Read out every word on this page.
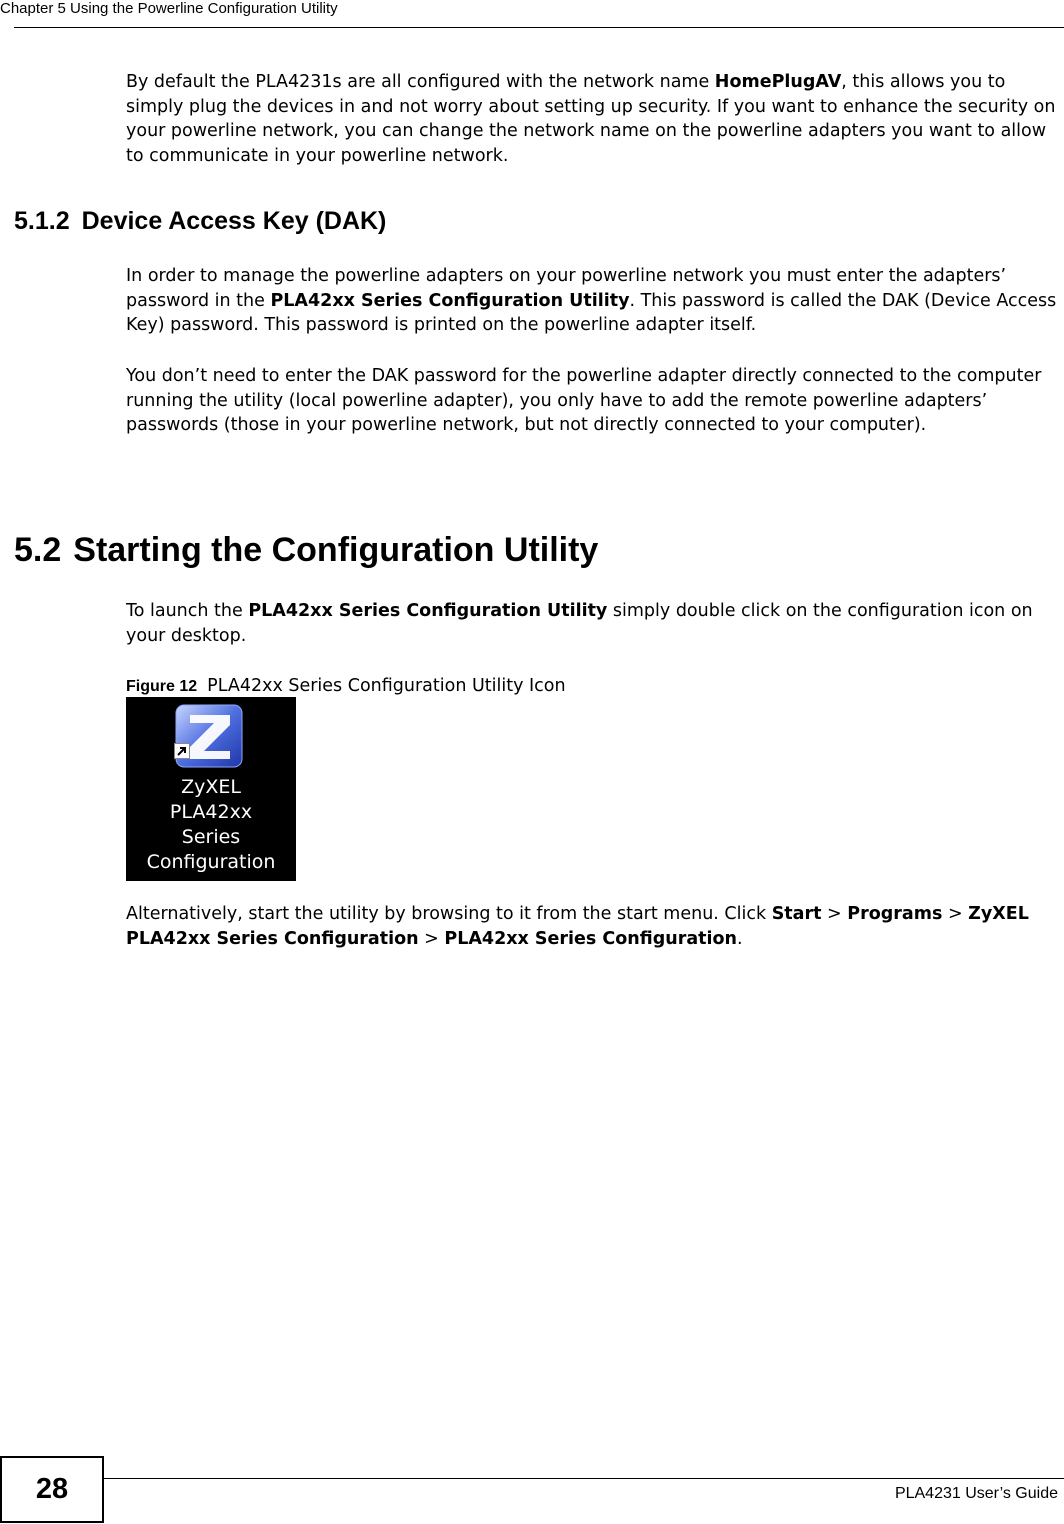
Chapter 5 Using the Powerline Configuration Utility

By default the PLA4231s are all configured with the network name HomePlugAV, this allows you to simply plug the devices in and not worry about setting up security. If you want to enhance the security on your powerline network, you can change the network name on the powerline adapters you want to allow to communicate in your powerline network.

5.1.2 Device Access Key (DAK)

In order to manage the powerline adapters on your powerline network you must enter the adapters’ password in the PLA42xx Series Configuration Utility. This password is called the DAK (Device Access Key) password. This password is printed on the powerline adapter itself.

You don’t need to enter the DAK password for the powerline adapter directly connected to the computer running the utility (local powerline adapter), you only have to add the remote powerline adapters’ passwords (those in your powerline network, but not directly connected to your computer).

5.2 Starting the Configuration Utility

To launch the PLA42xx Series Configuration Utility simply double click on the configuration icon on your desktop.

Figure 12 PLA42xx Series Configuration Utility Icon

ZyXEL
PLA42xx
Series
Configuration

Alternatively, start the utility by browsing to it from the start menu. Click Start > Programs > ZyXEL PLA42xx Series Configuration > PLA42xx Series Configuration.

28	PLA4231 User’s Guide
